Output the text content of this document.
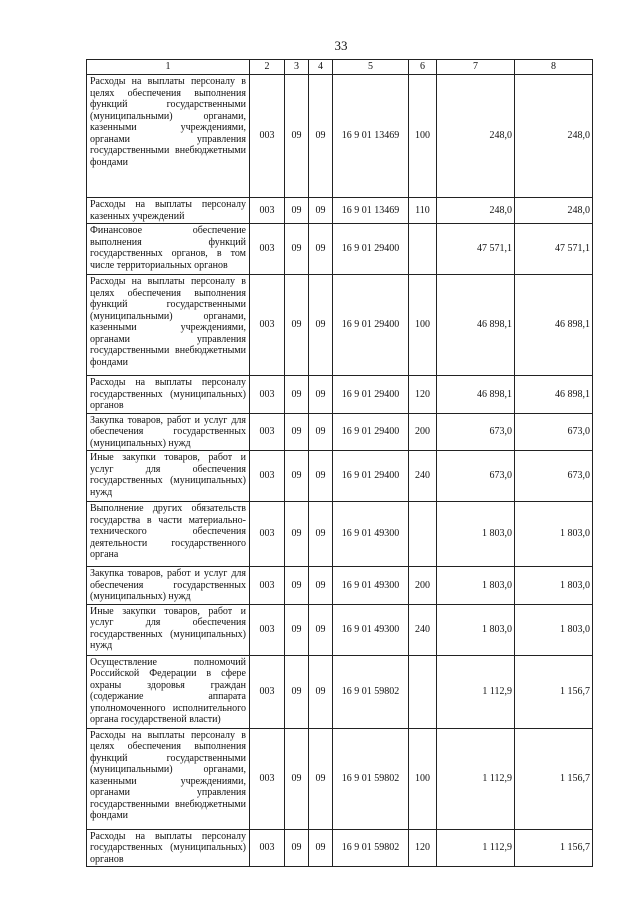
33
1	2	3	4	5	6	7	8
Расходы на выплаты персоналу в целях обеспечения выполнения функций государственными (муниципальными) органами, казенными учреждениями, органами управления государственными внебюджетными фондами	003	09	09	16 9 01 13469	100	248,0	248,0
Расходы на выплаты персоналу казенных учреждений	003	09	09	16 9 01 13469	110	248,0	248,0
Финансовое обеспечение выполнения функций государственных органов, в том числе территориальных органов	003	09	09	16 9 01 29400		47 571,1	47 571,1
Расходы на выплаты персоналу в целях обеспечения выполнения функций государственными (муниципальными) органами, казенными учреждениями, органами управления государственными внебюджетными фондами	003	09	09	16 9 01 29400	100	46 898,1	46 898,1
Расходы на выплаты персоналу государственных (муниципальных) органов	003	09	09	16 9 01 29400	120	46 898,1	46 898,1
Закупка товаров, работ и услуг для обеспечения государственных (муниципальных) нужд	003	09	09	16 9 01 29400	200	673,0	673,0
Иные закупки товаров, работ и услуг для обеспечения государственных (муниципальных) нужд	003	09	09	16 9 01 29400	240	673,0	673,0
Выполнение других обязательств государства в части материально-технического обеспечения деятельности государственного органа	003	09	09	16 9 01 49300		1 803,0	1 803,0
Закупка товаров, работ и услуг для обеспечения государственных (муниципальных) нужд	003	09	09	16 9 01 49300	200	1 803,0	1 803,0
Иные закупки товаров, работ и услуг для обеспечения государственных (муниципальных) нужд	003	09	09	16 9 01 49300	240	1 803,0	1 803,0
Осуществление полномочий Российской Федерации в сфере охраны здоровья граждан (содержание аппарата уполномоченного исполнительного органа государственой власти)	003	09	09	16 9 01 59802		1 112,9	1 156,7
Расходы на выплаты персоналу в целях обеспечения выполнения функций государственными (муниципальными) органами, казенными учреждениями, органами управления государственными внебюджетными фондами	003	09	09	16 9 01 59802	100	1 112,9	1 156,7
Расходы на выплаты персоналу государственных (муниципальных) органов	003	09	09	16 9 01 59802	120	1 112,9	1 156,7
